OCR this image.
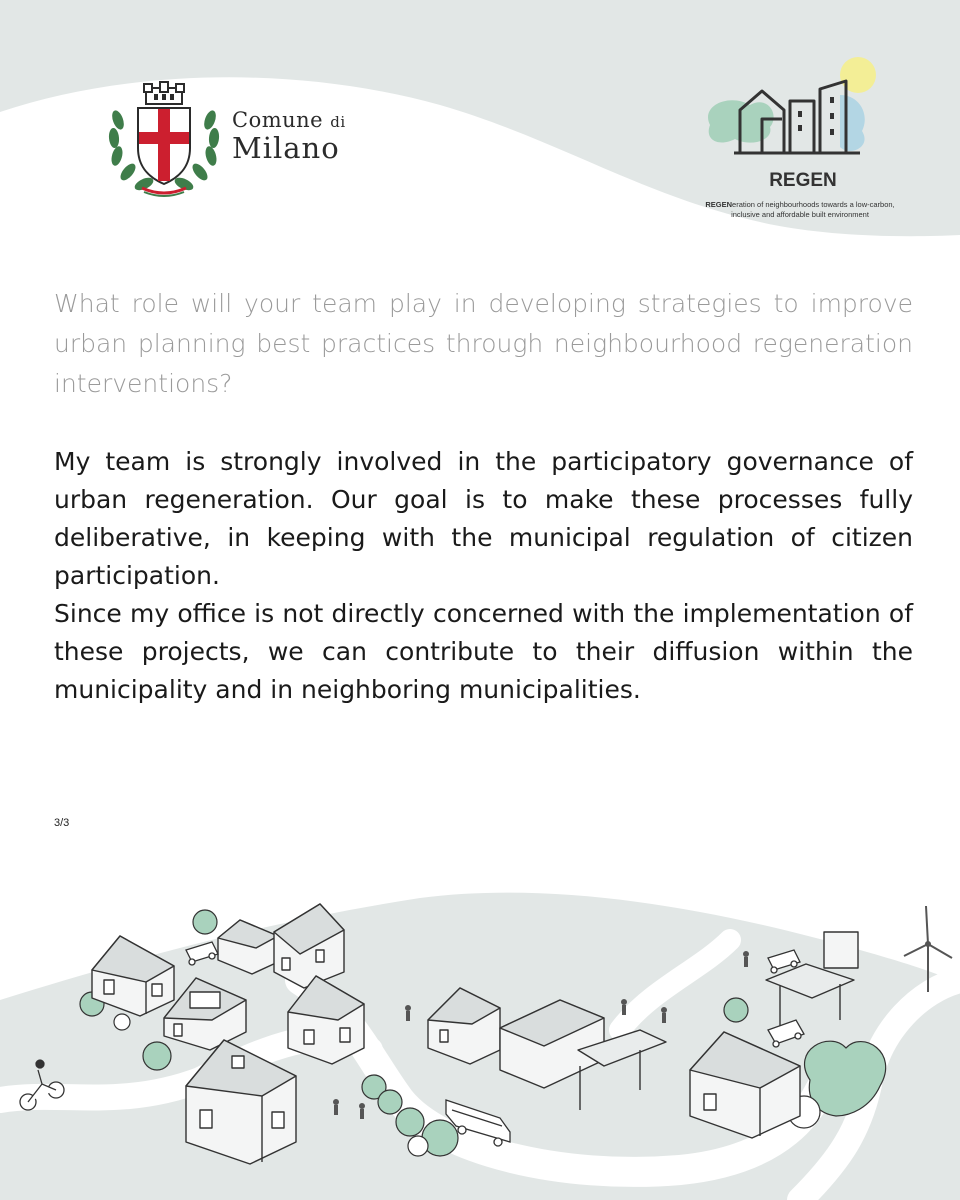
Comune di
Milano
REGEN
REGENeration of neighbourhoods towards a low-carbon,
inclusive and affordable built environment

What role will your team play in developing strategies to improve urban planning best practices through neighbourhood regeneration interventions?

My team is strongly involved in the participatory governance of urban regeneration. Our goal is to make these processes fully deliberative, in keeping with the municipal regulation of citizen participation.

Since my office is not directly concerned with the implementation of these projects, we can contribute to their diffusion within the municipality and in neighboring municipalities.

3/3
